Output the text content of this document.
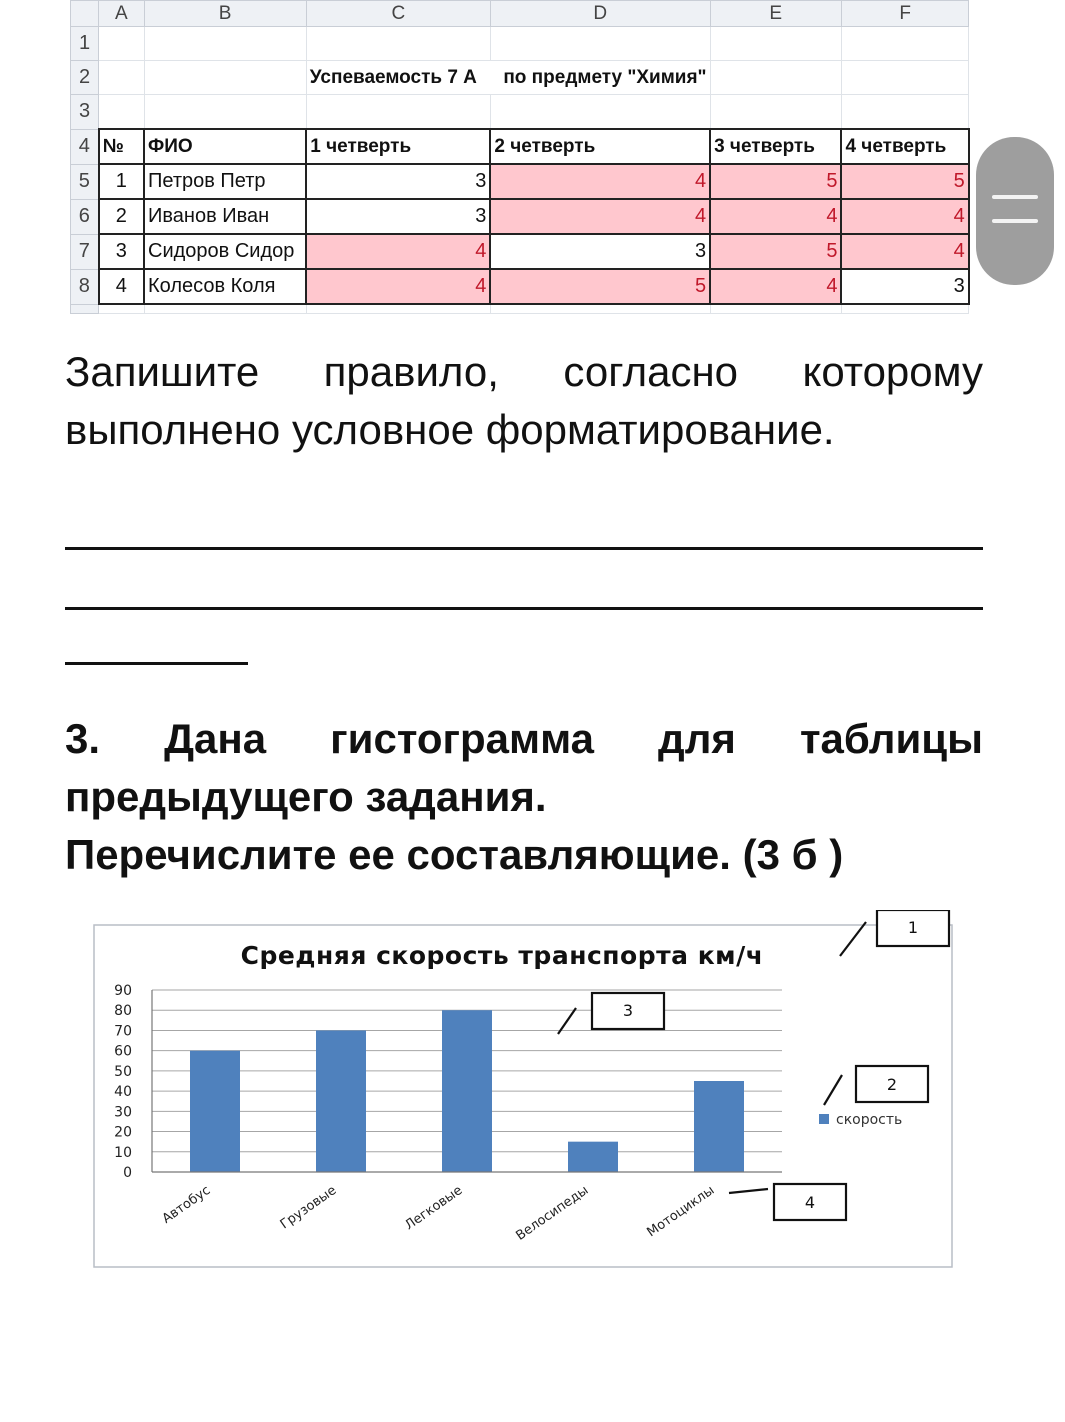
	A	B	C	D	E	F	
1							
2			Успеваемость 7 А по предмету "Химия"				
3							
4	№	ФИО	1 четверть	2 четверть	3 четверть	4 четверть	
5	1	Петров Петр	3	4	5	5	
6	2	Иванов Иван	3	4	4	4	
7	3	Сидоров Сидор	4	3	5	4	
8	4	Колесов Коля	4	5	4	3	

Запишите правило, согласно которому
выполнено условное форматирование.
3. Дана гистограмма для таблицы
предыдущего задания.
Перечислите ее составляющие. (3 б )
Средняя скорость транспорта км/ч
0
10
20
30
40
50
60
70
80
90
Автобус	Грузовые	Легковые	Велосипеды	Мотоциклы
скорость
1
3
2
4
